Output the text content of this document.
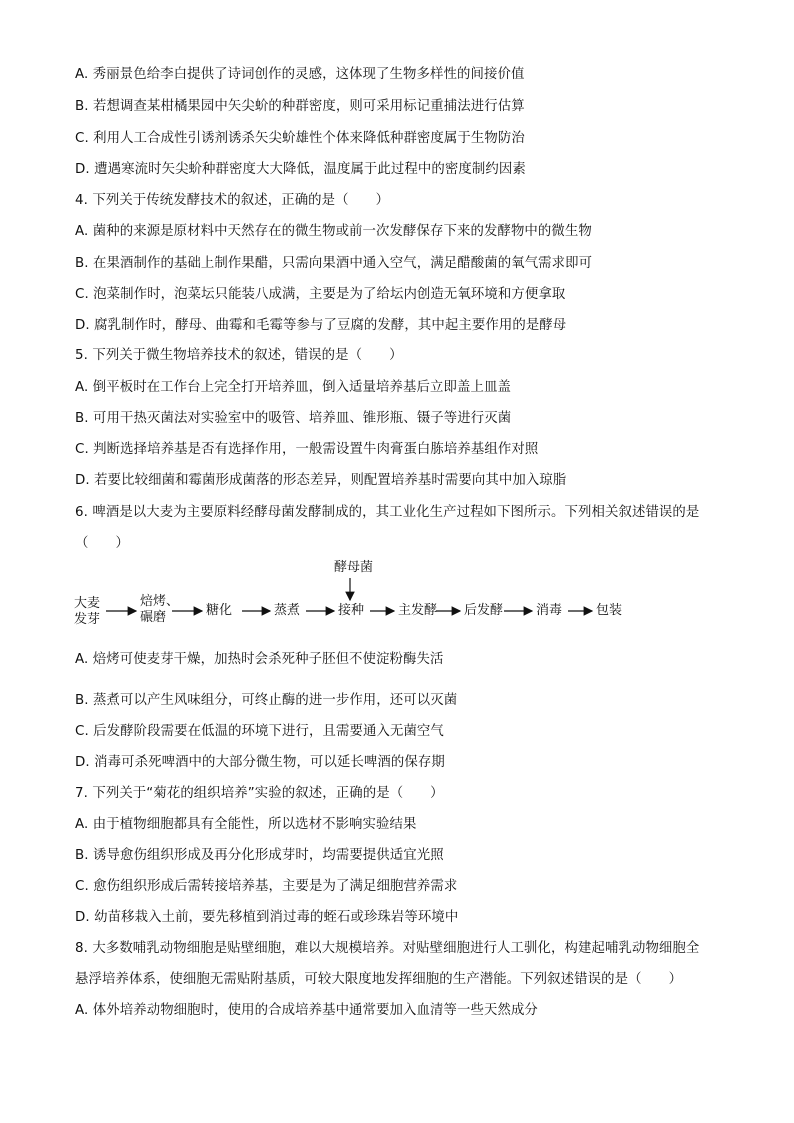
A. 秀丽景色给李白提供了诗词创作的灵感，这体现了生物多样性的间接价值
B. 若想调查某柑橘果园中矢尖蚧的种群密度，则可采用标记重捕法进行估算
C. 利用人工合成性引诱剂诱杀矢尖蚧雄性个体来降低种群密度属于生物防治
D. 遭遇寒流时矢尖蚧种群密度大大降低，温度属于此过程中的密度制约因素
4. 下列关于传统发酵技术的叙述，正确的是（　　）
A. 菌种的来源是原材料中天然存在的微生物或前一次发酵保存下来的发酵物中的微生物
B. 在果酒制作的基础上制作果醋，只需向果酒中通入空气，满足醋酸菌的氧气需求即可
C. 泡菜制作时，泡菜坛只能装八成满，主要是为了给坛内创造无氧环境和方便拿取
D. 腐乳制作时，酵母、曲霉和毛霉等参与了豆腐的发酵，其中起主要作用的是酵母
5. 下列关于微生物培养技术的叙述，错误的是（　　）
A. 倒平板时在工作台上完全打开培养皿，倒入适量培养基后立即盖上皿盖
B. 可用干热灭菌法对实验室中的吸管、培养皿、锥形瓶、镊子等进行灭菌
C. 判断选择培养基是否有选择作用，一般需设置牛肉膏蛋白胨培养基组作对照
D. 若要比较细菌和霉菌形成菌落的形态差异，则配置培养基时需要向其中加入琼脂
6. 啤酒是以大麦为主要原料经酵母菌发酵制成的，其工业化生产过程如下图所示。下列相关叙述错误的是
（　　）
酵母菌
大麦
发芽
焙烤、
碾磨	糖化	蒸煮	接种	主发酵 后发酵	消毒	包装
A. 焙烤可使麦芽干燥，加热时会杀死种子胚但不使淀粉酶失活
B. 蒸煮可以产生风味组分，可终止酶的进一步作用，还可以灭菌
C. 后发酵阶段需要在低温的环境下进行，且需要通入无菌空气
D. 消毒可杀死啤酒中的大部分微生物，可以延长啤酒的保存期
7. 下列关于“菊花的组织培养”实验的叙述，正确的是（　　）
A. 由于植物细胞都具有全能性，所以选材不影响实验结果
B. 诱导愈伤组织形成及再分化形成芽时，均需要提供适宜光照
C. 愈伤组织形成后需转接培养基，主要是为了满足细胞营养需求
D. 幼苗移栽入土前，要先移植到消过毒的蛭石或珍珠岩等环境中
8. 大多数哺乳动物细胞是贴壁细胞，难以大规模培养。对贴壁细胞进行人工驯化，构建起哺乳动物细胞全
悬浮培养体系，使细胞无需贴附基质，可较大限度地发挥细胞的生产潜能。下列叙述错误的是（　　）
A. 体外培养动物细胞时，使用的合成培养基中通常要加入血清等一些天然成分
